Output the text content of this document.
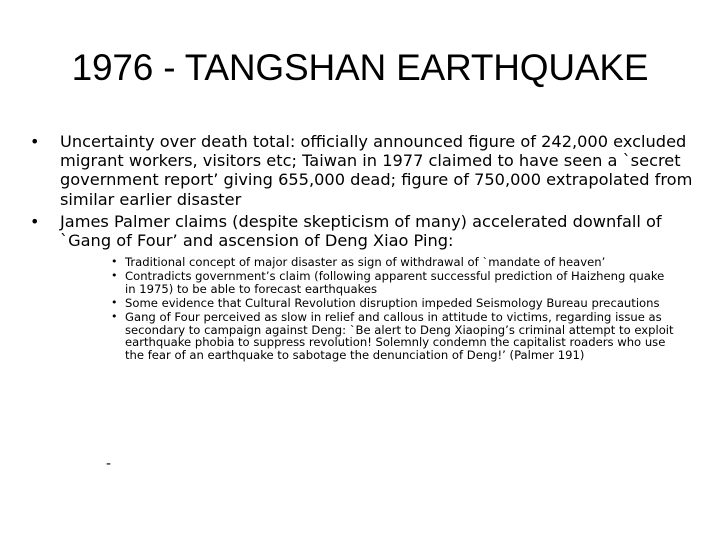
1976 - TANGSHAN EARTHQUAKE
• Uncertainty over death total: officially announced figure of 242,000 excluded migrant workers, visitors etc; Taiwan in 1977 claimed to have seen a `secret government report’ giving 655,000 dead; figure of 750,000 extrapolated from similar earlier disaster
• James Palmer claims (despite skepticism of many) accelerated downfall of `Gang of Four’ and ascension of Deng Xiao Ping:
• Traditional concept of major disaster as sign of withdrawal of `mandate of heaven’
• Contradicts government’s claim (following apparent successful prediction of Haizheng quake in 1975) to be able to forecast earthquakes
• Some evidence that Cultural Revolution disruption impeded Seismology Bureau precautions
• Gang of Four perceived as slow in relief and callous in attitude to victims, regarding issue as secondary to campaign against Deng: `Be alert to Deng Xiaoping’s criminal attempt to exploit earthquake phobia to suppress revolution! Solemnly condemn the capitalist roaders who use the fear of an earthquake to sabotage the denunciation of Deng!’ (Palmer 191)
-
